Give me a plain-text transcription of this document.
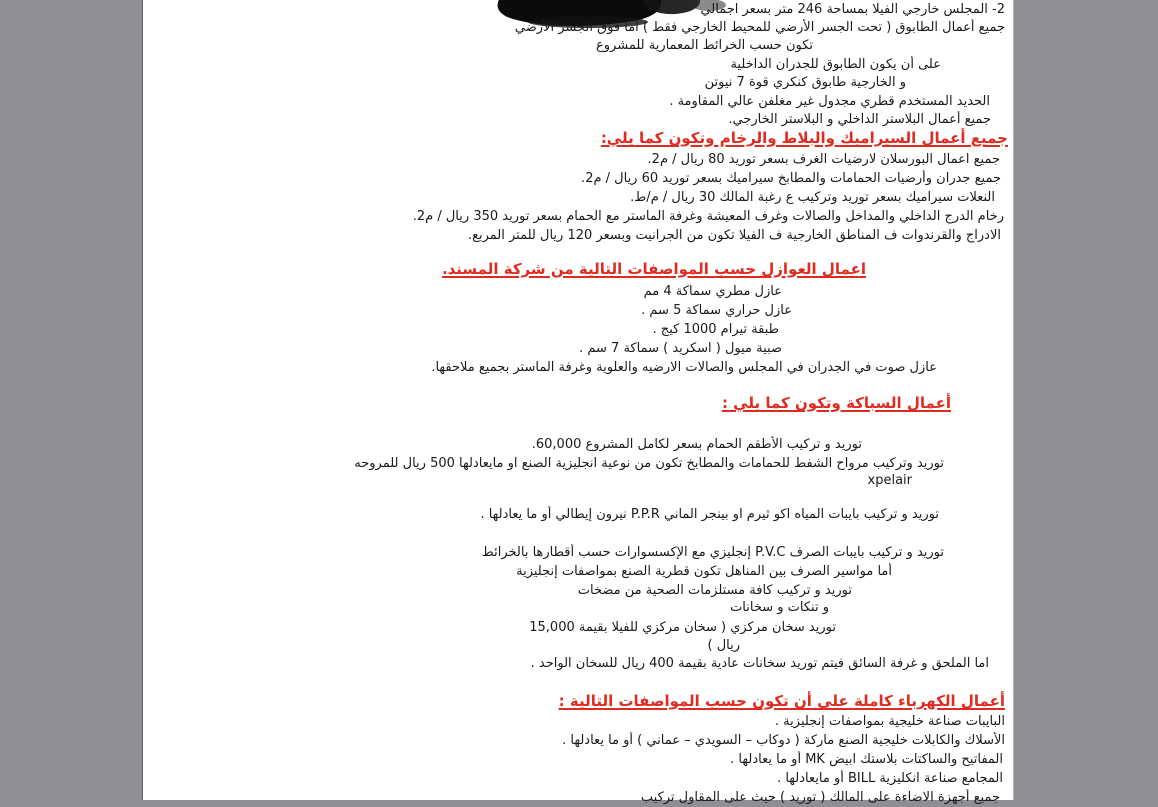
2- المجلس خارجي الفيلا بمساحة 246 متر بسعر اجمالي
جميع أعمال الطابوق ( تحت الجسر الأرضي للمحيط الخارجي فقط ) أما فوق الجسر الأرضي
تكون حسب الخرائط المعمارية للمشروع
على أن يكون الطابوق للجدران الداخلية
و الخارجية طابوق كنكري قوة 7 نيوتن
الحديد المستخدم قطري مجدول غير مغلفن عالي المقاومة .
جميع أعمال البلاستر الداخلي و البلاستر الخارجي.
جميع أعمال السيراميك والبلاط والرخام وتكون كما يلي:
جميع اعمال البورسلان لارضيات الغرف بسعر توريد 80 ريال / م2.
جميع جدران وأرضيات الحمامات والمطابخ سيراميك بسعر توريد 60 ريال / م2.
النعلات سيراميك بسعر توريد وتركيب ع رغبة المالك 30 ريال / م/ط.
رخام الدرج الداخلي والمداخل والصالات وغرف المعيشة وغرفة الماستر مع الحمام بسعر توريد 350 ريال / م2.
الادراج والقرندوات ف المناطق الخارجية ف الفيلا تكون من الجرانيت وبسعر 120 ريال للمتر المربع.
اعمال العوازل حسب المواصفات التالية من شركة المسند.
عازل مطري سماكة 4 مم
عازل حراري سماكة 5 سم .
طبقة تيرام 1000 كيج .
صبية ميول ( اسكريد ) سماكة 7 سم .
عازل صوت في الجدران في المجلس والصالات الارضيه والعلوية وغرفة الماستر بجميع ملاحقها.
أعمال السباكة وتكون كما يلي :
توريد و تركيب الأطقم الحمام بسعر لكامل المشروع 60,000.
توريد وتركيب مرواح الشفط للحمامات والمطابخ تكون من نوعية انجليزية الصنع او مايعادلها 500 ريال للمروحه
xpelair
توريد و تركيب بايبات المياه اكو ثيرم او بينجر الماني P.P.R نيرون إيطالي أو ما يعادلها .
توريد و تركيب بايبات الصرف P.V.C إنجليزي مع الإكسسوارات حسب أقطارها بالخرائط
أما مواسير الصرف بين المناهل تكون قطرية الصنع بمواصفات إنجليزية
توريد و تركيب كافة مستلزمات الصحية من مضخات
و تنكات و سخانات
توريد سخان مركزي ( سخان مركزي للفيلا بقيمة 15,000
ريال )
اما الملحق و غرفة السائق فيتم توريد سخانات عادية بقيمة 400 ريال للسخان الواحد .
أعمال الكهرباء كاملة على أن تكون حسب المواصفات التالية :
البايبات صناعة خليجية بمواصفات إنجليزية .
الأسلاك والكابلات خليجية الصنع ماركة ( دوكاب – السويدي – عماني ) أو ما يعادلها .
المفاتيح والساكتات بلاستك ابيض MK أو ما يعادلها .
المجامع صناعة انكليزية BILL أو مايعادلها .
جميع أجهزة الاضاءة على المالك ( توريد ) حيث على المقاول تركيب
